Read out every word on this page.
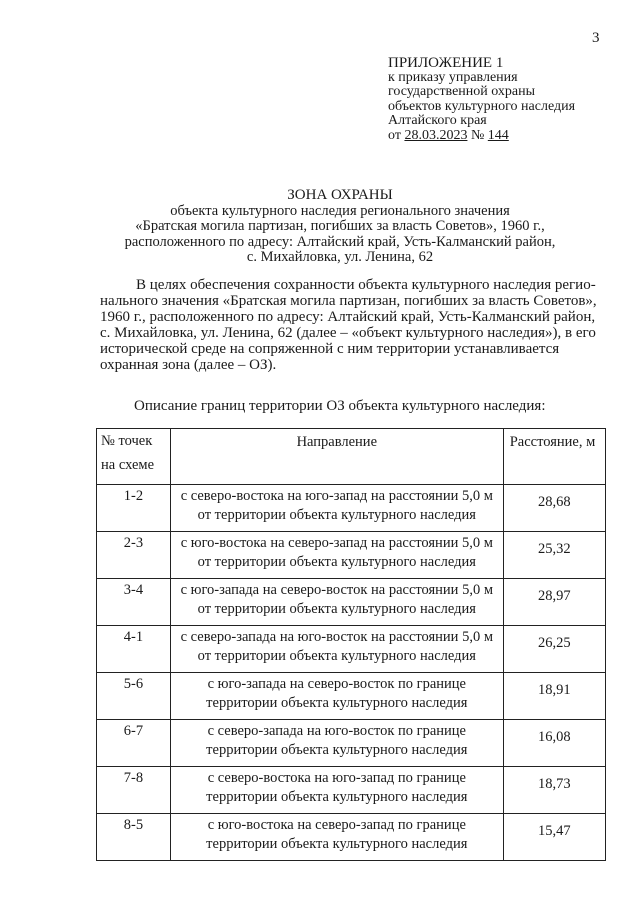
3
ПРИЛОЖЕНИЕ 1
к приказу управления
государственной охраны
объектов культурного наследия
Алтайского края
от 28.03.2023 № 144
ЗОНА ОХРАНЫ
объекта культурного наследия регионального значения
«Братская могила партизан, погибших за власть Советов», 1960 г.,
расположенного по адресу: Алтайский край, Усть-Калманский район,
с. Михайловка, ул. Ленина, 62
В целях обеспечения сохранности объекта культурного наследия регио-
нального значения «Братская могила партизан, погибших за власть Советов»,
1960 г., расположенного по адресу: Алтайский край, Усть-Калманский район,
с. Михайловка, ул. Ленина, 62 (далее – «объект культурного наследия»), в его
исторической среде на сопряженной с ним территории устанавливается
охранная зона (далее – ОЗ).
Описание границ территории ОЗ объекта культурного наследия:
№ точек
на схеме	Направление	Расстояние, м
1-2	с северо-востока на юго-запад на расстоянии 5,0 м
от территории объекта культурного наследия	28,68
2-3	с юго-востока на северо-запад на расстоянии 5,0 м
от территории объекта культурного наследия	25,32
3-4	с юго-запада на северо-восток на расстоянии 5,0 м
от территории объекта культурного наследия	28,97
4-1	с северо-запада на юго-восток на расстоянии 5,0 м
от территории объекта культурного наследия	26,25
5-6	с юго-запада на северо-восток по границе
территории объекта культурного наследия	18,91
6-7	с северо-запада на юго-восток по границе
территории объекта культурного наследия	16,08
7-8	с северо-востока на юго-запад по границе
территории объекта культурного наследия	18,73
8-5	с юго-востока на северо-запад по границе
территории объекта культурного наследия	15,47
